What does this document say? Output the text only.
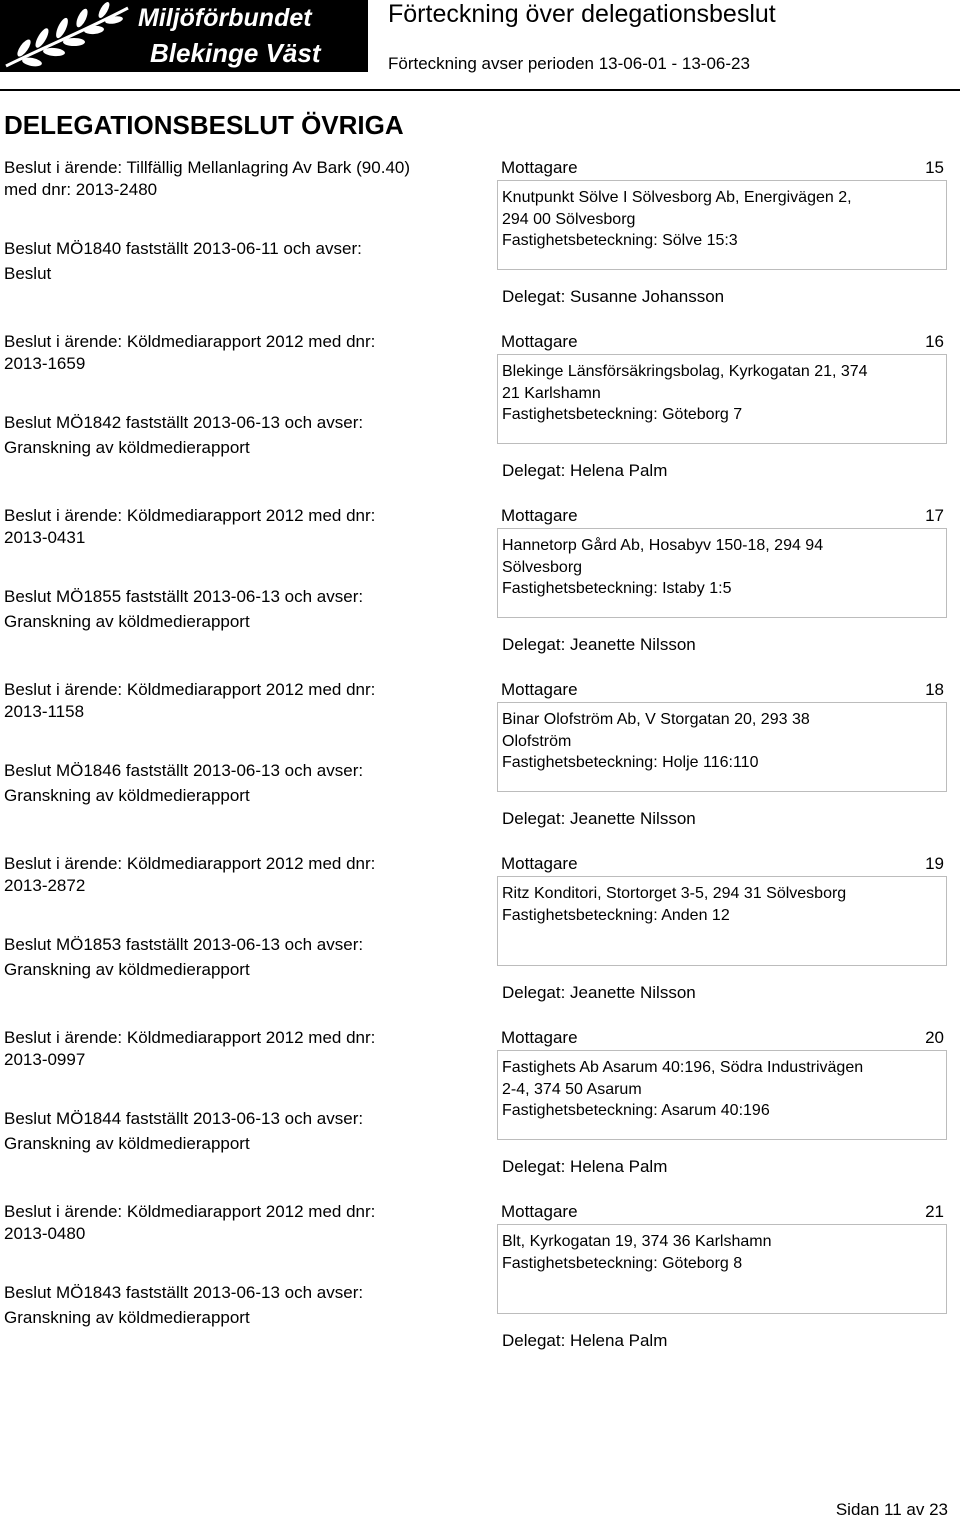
Miljöförbundet
Blekinge Väst
Förteckning över delegationsbeslut
Förteckning avser perioden 13-06-01 - 13-06-23
DELEGATIONSBESLUT ÖVRIGA
Beslut i ärende: Tillfällig Mellanlagring Av Bark (90.40)
med dnr: 2013-2480
Beslut MÖ1840 fastställt 2013-06-11 och avser:
Beslut
Mottagare	15
Knutpunkt Sölve I Sölvesborg Ab, Energivägen 2,
294 00 Sölvesborg
Fastighetsbeteckning: Sölve 15:3
Delegat: Susanne Johansson
Beslut i ärende: Köldmediarapport 2012 med dnr:
2013-1659
Beslut MÖ1842 fastställt 2013-06-13 och avser:
Granskning av köldmedierapport
Mottagare	16
Blekinge Länsförsäkringsbolag, Kyrkogatan 21, 374
21 Karlshamn
Fastighetsbeteckning: Göteborg 7
Delegat: Helena Palm
Beslut i ärende: Köldmediarapport 2012 med dnr:
2013-0431
Beslut MÖ1855 fastställt 2013-06-13 och avser:
Granskning av köldmedierapport
Mottagare	17
Hannetorp Gård Ab, Hosabyv 150-18, 294 94
Sölvesborg
Fastighetsbeteckning: Istaby 1:5
Delegat: Jeanette Nilsson
Beslut i ärende: Köldmediarapport 2012 med dnr:
2013-1158
Beslut MÖ1846 fastställt 2013-06-13 och avser:
Granskning av köldmedierapport
Mottagare	18
Binar Olofström Ab, V Storgatan 20, 293 38
Olofström
Fastighetsbeteckning: Holje 116:110
Delegat: Jeanette Nilsson
Beslut i ärende: Köldmediarapport 2012 med dnr:
2013-2872
Beslut MÖ1853 fastställt 2013-06-13 och avser:
Granskning av köldmedierapport
Mottagare	19
Ritz Konditori, Stortorget 3-5, 294 31 Sölvesborg
Fastighetsbeteckning: Anden 12
Delegat: Jeanette Nilsson
Beslut i ärende: Köldmediarapport 2012 med dnr:
2013-0997
Beslut MÖ1844 fastställt 2013-06-13 och avser:
Granskning av köldmedierapport
Mottagare	20
Fastighets Ab Asarum 40:196, Södra Industrivägen
2-4, 374 50 Asarum
Fastighetsbeteckning: Asarum 40:196
Delegat: Helena Palm
Beslut i ärende: Köldmediarapport 2012 med dnr:
2013-0480
Beslut MÖ1843 fastställt 2013-06-13 och avser:
Granskning av köldmedierapport
Mottagare	21
Blt, Kyrkogatan 19, 374 36 Karlshamn
Fastighetsbeteckning: Göteborg 8
Delegat: Helena Palm
Sidan 11 av 23
